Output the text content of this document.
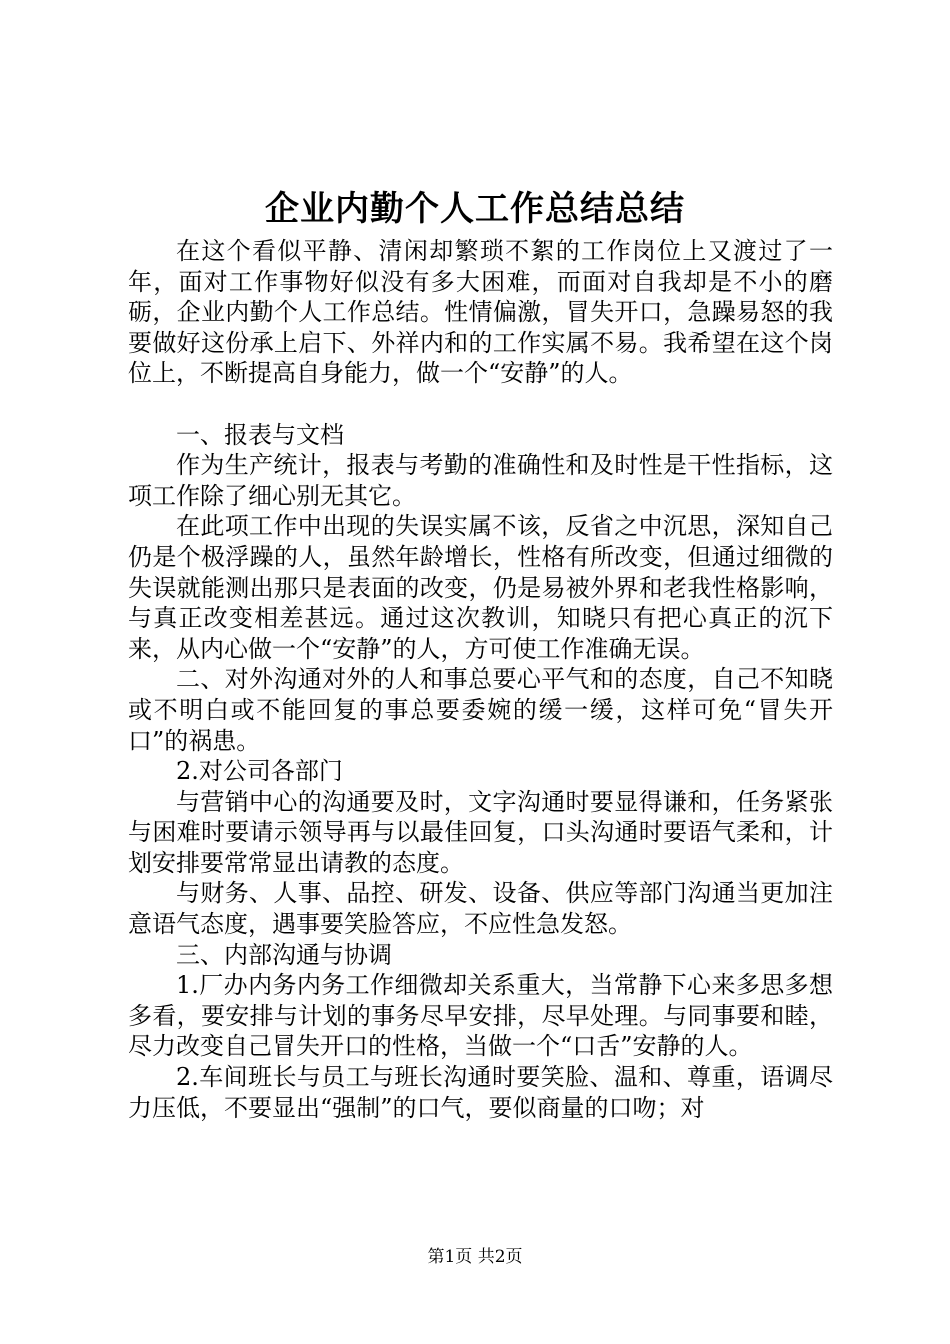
企业内勤个人工作总结总结

在这个看似平静、清闲却繁琐不絮的工作岗位上又渡过了一年，面对工作事物好似没有多大困难，而面对自我却是不小的磨砺，企业内勤个人工作总结。性情偏激，冒失开口，急躁易怒的我要做好这份承上启下、外祥内和的工作实属不易。我希望在这个岗位上，不断提高自身能力，做一个“安静”的人。

一、报表与文档

作为生产统计，报表与考勤的准确性和及时性是干性指标，这项工作除了细心别无其它。

在此项工作中出现的失误实属不该，反省之中沉思，深知自己仍是个极浮躁的人，虽然年龄增长，性格有所改变，但通过细微的失误就能测出那只是表面的改变，仍是易被外界和老我性格影响，与真正改变相差甚远。通过这次教训，知晓只有把心真正的沉下来，从内心做一个“安静”的人，方可使工作准确无误。

二、对外沟通对外的人和事总要心平气和的态度，自己不知晓或不明白或不能回复的事总要委婉的缓一缓，这样可免“冒失开口”的祸患。

2.对公司各部门

与营销中心的沟通要及时，文字沟通时要显得谦和，任务紧张与困难时要请示领导再与以最佳回复，口头沟通时要语气柔和，计划安排要常常显出请教的态度。

与财务、人事、品控、研发、设备、供应等部门沟通当更加注意语气态度，遇事要笑脸答应，不应性急发怒。

三、内部沟通与协调

1.厂办内务内务工作细微却关系重大，当常静下心来多思多想多看，要安排与计划的事务尽早安排，尽早处理。与同事要和睦，尽力改变自己冒失开口的性格，当做一个“口舌”安静的人。

2.车间班长与员工与班长沟通时要笑脸、温和、尊重，语调尽力压低，不要显出“强制”的口气，要似商量的口吻；对

第1页 共2页
